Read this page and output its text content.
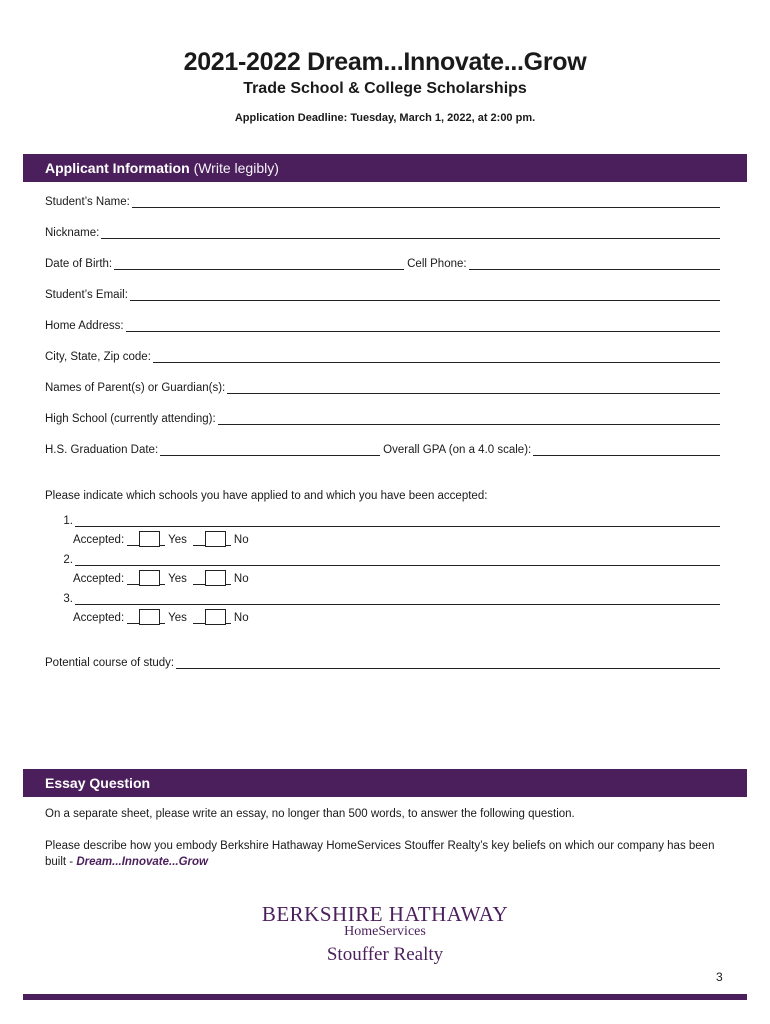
2021-2022 Dream...Innovate...Grow
Trade School & College Scholarships
Application Deadline: Tuesday, March 1, 2022, at 2:00 pm.
Applicant Information (Write legibly)
Student’s Name:
Nickname:
Date of Birth:	Cell Phone:
Student’s Email:
Home Address:
City, State, Zip code:
Names of Parent(s) or Guardian(s):
High School (currently attending):
H.S. Graduation Date:	Overall GPA (on a 4.0 scale):
Please indicate which schools you have applied to and which you have been accepted:
1.
Accepted:	Yes	No
2.
Accepted:	Yes	No
3.
Accepted:	Yes	No
Potential course of study:
Essay Question
On a separate sheet, please write an essay, no longer than 500 words, to answer the following question.
Please describe how you embody Berkshire Hathaway HomeServices Stouffer Realty’s key beliefs on which our company has been built - Dream...Innovate...Grow
BERKSHIRE HATHAWAY
HomeServices
Stouffer Realty
3
